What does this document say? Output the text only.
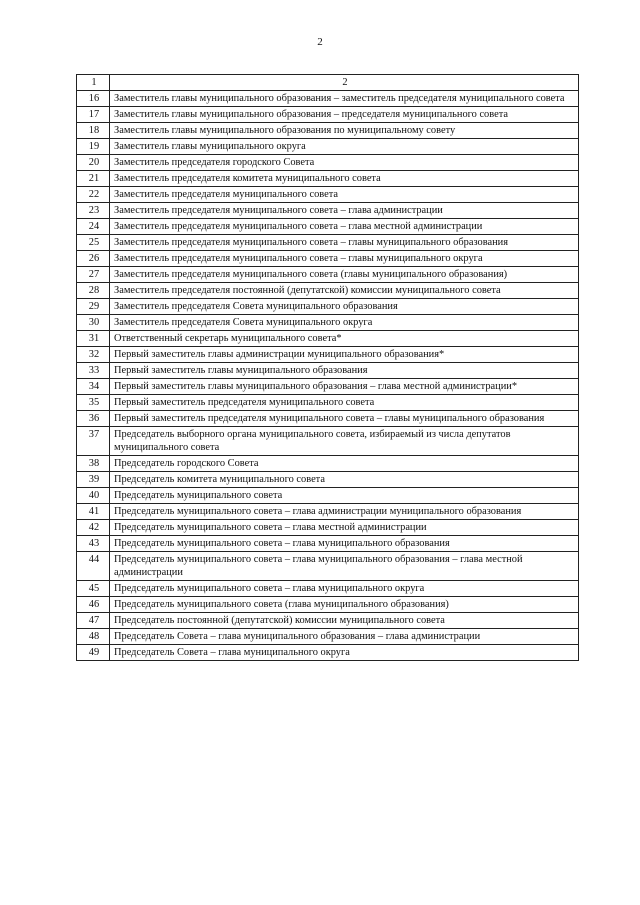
2
1	2
16	Заместитель главы муниципального образования – заместитель председателя муниципального совета
17	Заместитель главы муниципального образования – председателя муниципального совета
18	Заместитель главы муниципального образования по муниципальному совету
19	Заместитель главы муниципального округа
20	Заместитель председателя городского Совета
21	Заместитель председателя комитета муниципального совета
22	Заместитель председателя муниципального совета
23	Заместитель председателя муниципального совета – глава администрации
24	Заместитель председателя муниципального совета – глава местной администрации
25	Заместитель председателя муниципального совета – главы муниципального образования
26	Заместитель председателя муниципального совета – главы муниципального округа
27	Заместитель председателя муниципального совета (главы муниципального образования)
28	Заместитель председателя постоянной (депутатской) комиссии муниципального совета
29	Заместитель председателя Совета муниципального образования
30	Заместитель председателя Совета муниципального округа
31	Ответственный секретарь муниципального совета*
32	Первый заместитель главы администрации муниципального образования*
33	Первый заместитель главы муниципального образования
34	Первый заместитель главы муниципального образования – глава местной администрации*
35	Первый заместитель председателя муниципального совета
36	Первый заместитель председателя муниципального совета – главы муниципального образования
37	Председатель выборного органа муниципального совета, избираемый из числа депутатов муниципального совета
38	Председатель городского Совета
39	Председатель комитета муниципального совета
40	Председатель муниципального совета
41	Председатель муниципального совета – глава администрации муниципального образования
42	Председатель муниципального совета – глава местной администрации
43	Председатель муниципального совета – глава муниципального образования
44	Председатель муниципального совета – глава муниципального образования – глава местной администрации
45	Председатель муниципального совета – глава муниципального округа
46	Председатель муниципального совета (глава муниципального образования)
47	Председатель постоянной (депутатской) комиссии муниципального совета
48	Председатель Совета – глава муниципального образования – глава администрации
49	Председатель Совета – глава муниципального округа
